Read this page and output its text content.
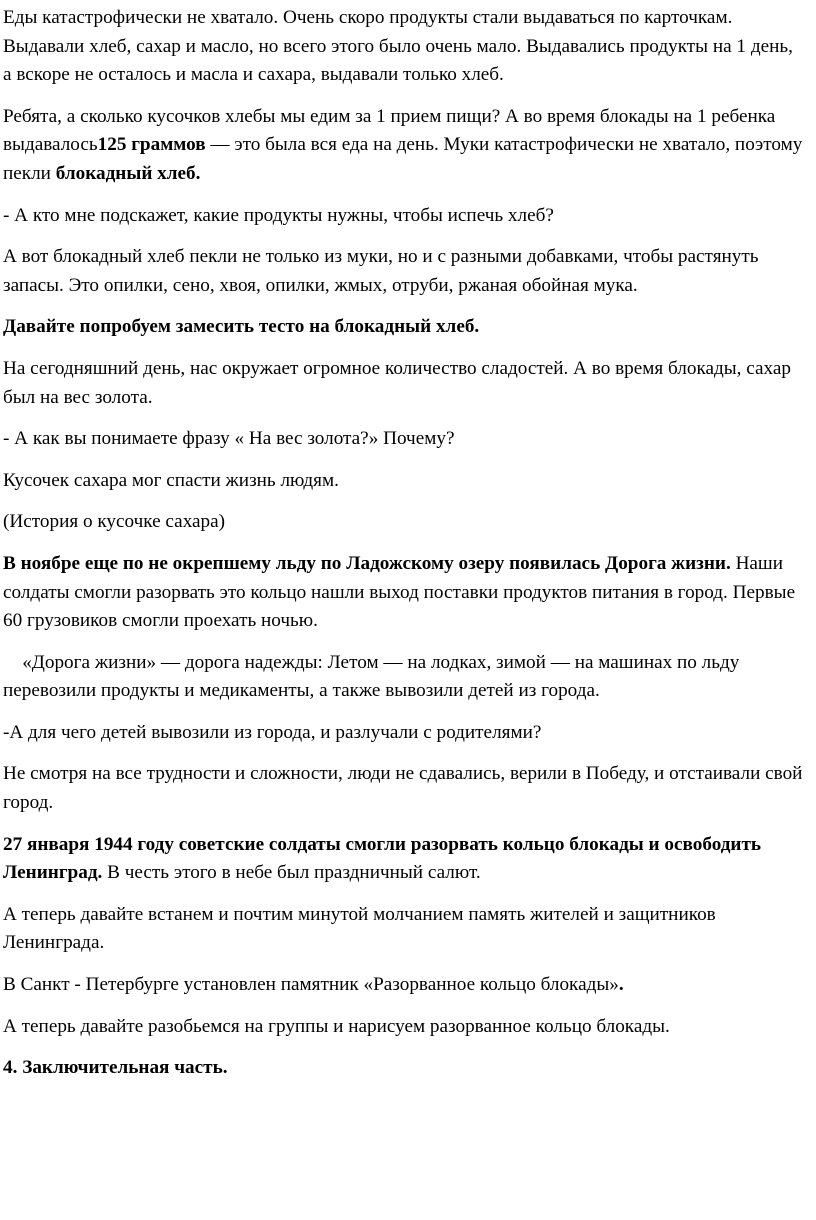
Еды катастрофически не хватало. Очень скоро продукты стали выдаваться по карточкам. Выдавали хлеб, сахар и масло, но всего этого было очень мало. Выдавались продукты на 1 день, а вскоре не осталось и масла и сахара, выдавали только хлеб.

Ребята, а сколько кусочков хлебы мы едим за 1 прием пищи? А во время блокады на 1 ребенка выдавалось125 граммов — это была вся еда на день. Муки катастрофически не хватало, поэтому пекли блокадный хлеб.

- А кто мне подскажет, какие продукты нужны, чтобы испечь хлеб?

А вот блокадный хлеб пекли не только из муки, но и с разными добавками, чтобы растянуть запасы. Это опилки, сено, хвоя, опилки, жмых, отруби, ржаная обойная мука.

Давайте попробуем замесить тесто на блокадный хлеб.

На сегодняшний день, нас окружает огромное количество сладостей. А во время блокады, сахар был на вес золота.

- А как вы понимаете фразу « На вес золота?» Почему?

Кусочек сахара мог спасти жизнь людям.

(История о кусочке сахара)

В ноябре еще по не окрепшему льду по Ладожскому озеру появилась Дорога жизни. Наши солдаты смогли разорвать это кольцо нашли выход поставки продуктов питания в город. Первые 60 грузовиков смогли проехать ночью.

«Дорога жизни» — дорога надежды: Летом — на лодках, зимой — на машинах по льду перевозили продукты и медикаменты, а также вывозили детей из города.

-А для чего детей вывозили из города, и разлучали с родителями?

Не смотря на все трудности и сложности, люди не сдавались, верили в Победу, и отстаивали свой город.

27 января 1944 году советские солдаты смогли разорвать кольцо блокады и освободить Ленинград. В честь этого в небе был праздничный салют.

А теперь давайте встанем и почтим минутой молчанием память жителей и защитников Ленинграда.

В Санкт - Петербурге установлен памятник «Разорванное кольцо блокады».

А теперь давайте разобьемся на группы и нарисуем разорванное кольцо блокады.

4. Заключительная часть.
